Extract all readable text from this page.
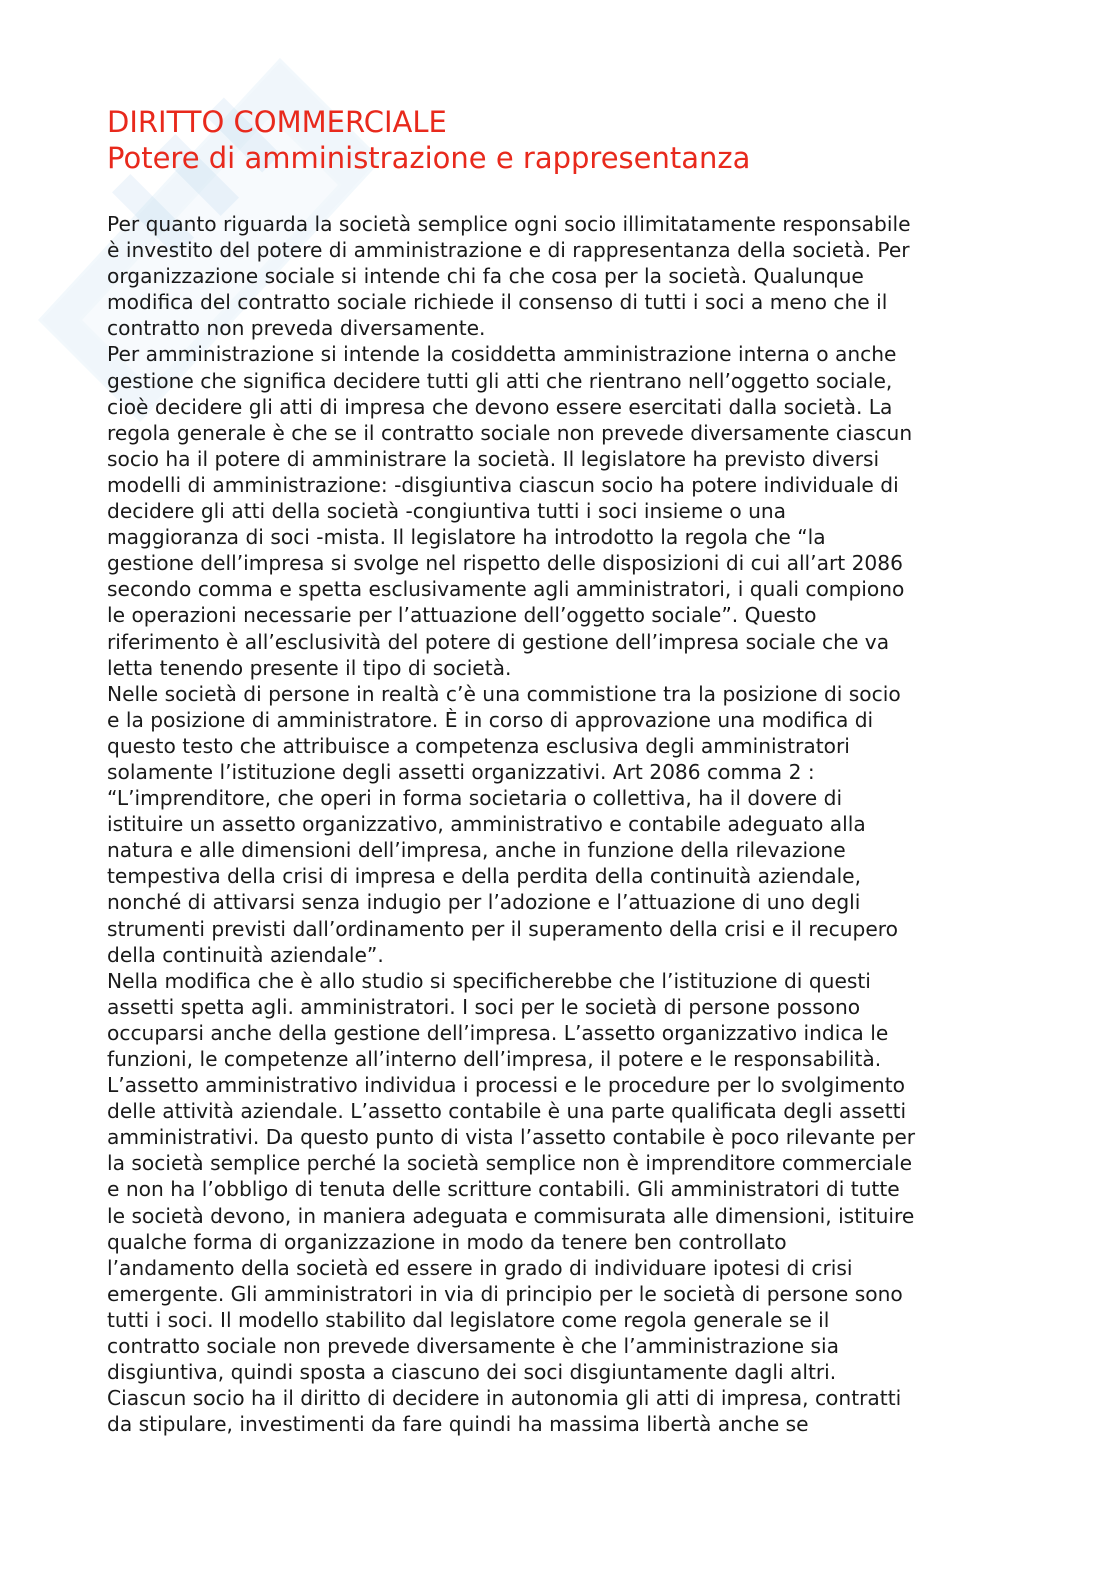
DIRITTO COMMERCIALE
Potere di amministrazione e rappresentanza
Per quanto riguarda la società semplice ogni socio illimitatamente responsabile
è investito del potere di amministrazione e di rappresentanza della società. Per
organizzazione sociale si intende chi fa che cosa per la società. Qualunque
modifica del contratto sociale richiede il consenso di tutti i soci a meno che il
contratto non preveda diversamente.
Per amministrazione si intende la cosiddetta amministrazione interna o anche
gestione che significa decidere tutti gli atti che rientrano nell’oggetto sociale,
cioè decidere gli atti di impresa che devono essere esercitati dalla società. La
regola generale è che se il contratto sociale non prevede diversamente ciascun
socio ha il potere di amministrare la società. Il legislatore ha previsto diversi
modelli di amministrazione: -disgiuntiva ciascun socio ha potere individuale di
decidere gli atti della società -congiuntiva tutti i soci insieme o una
maggioranza di soci -mista. Il legislatore ha introdotto la regola che “la
gestione dell’impresa si svolge nel rispetto delle disposizioni di cui all’art 2086
secondo comma e spetta esclusivamente agli amministratori, i quali compiono
le operazioni necessarie per l’attuazione dell’oggetto sociale”. Questo
riferimento è all’esclusività del potere di gestione dell’impresa sociale che va
letta tenendo presente il tipo di società.
Nelle società di persone in realtà c’è una commistione tra la posizione di socio
e la posizione di amministratore. È in corso di approvazione una modifica di
questo testo che attribuisce a competenza esclusiva degli amministratori
solamente l’istituzione degli assetti organizzativi. Art 2086 comma 2 :
“L’imprenditore, che operi in forma societaria o collettiva, ha il dovere di
istituire un assetto organizzativo, amministrativo e contabile adeguato alla
natura e alle dimensioni dell’impresa, anche in funzione della rilevazione
tempestiva della crisi di impresa e della perdita della continuità aziendale,
nonché di attivarsi senza indugio per l’adozione e l’attuazione di uno degli
strumenti previsti dall’ordinamento per il superamento della crisi e il recupero
della continuità aziendale”.
Nella modifica che è allo studio si specificherebbe che l’istituzione di questi
assetti spetta agli. amministratori. I soci per le società di persone possono
occuparsi anche della gestione dell’impresa. L’assetto organizzativo indica le
funzioni, le competenze all’interno dell’impresa, il potere e le responsabilità.
L’assetto amministrativo individua i processi e le procedure per lo svolgimento
delle attività aziendale. L’assetto contabile è una parte qualificata degli assetti
amministrativi. Da questo punto di vista l’assetto contabile è poco rilevante per
la società semplice perché la società semplice non è imprenditore commerciale
e non ha l’obbligo di tenuta delle scritture contabili. Gli amministratori di tutte
le società devono, in maniera adeguata e commisurata alle dimensioni, istituire
qualche forma di organizzazione in modo da tenere ben controllato
l’andamento della società ed essere in grado di individuare ipotesi di crisi
emergente. Gli amministratori in via di principio per le società di persone sono
tutti i soci. Il modello stabilito dal legislatore come regola generale se il
contratto sociale non prevede diversamente è che l’amministrazione sia
disgiuntiva, quindi sposta a ciascuno dei soci disgiuntamente dagli altri.
Ciascun socio ha il diritto di decidere in autonomia gli atti di impresa, contratti
da stipulare, investimenti da fare quindi ha massima libertà anche se
